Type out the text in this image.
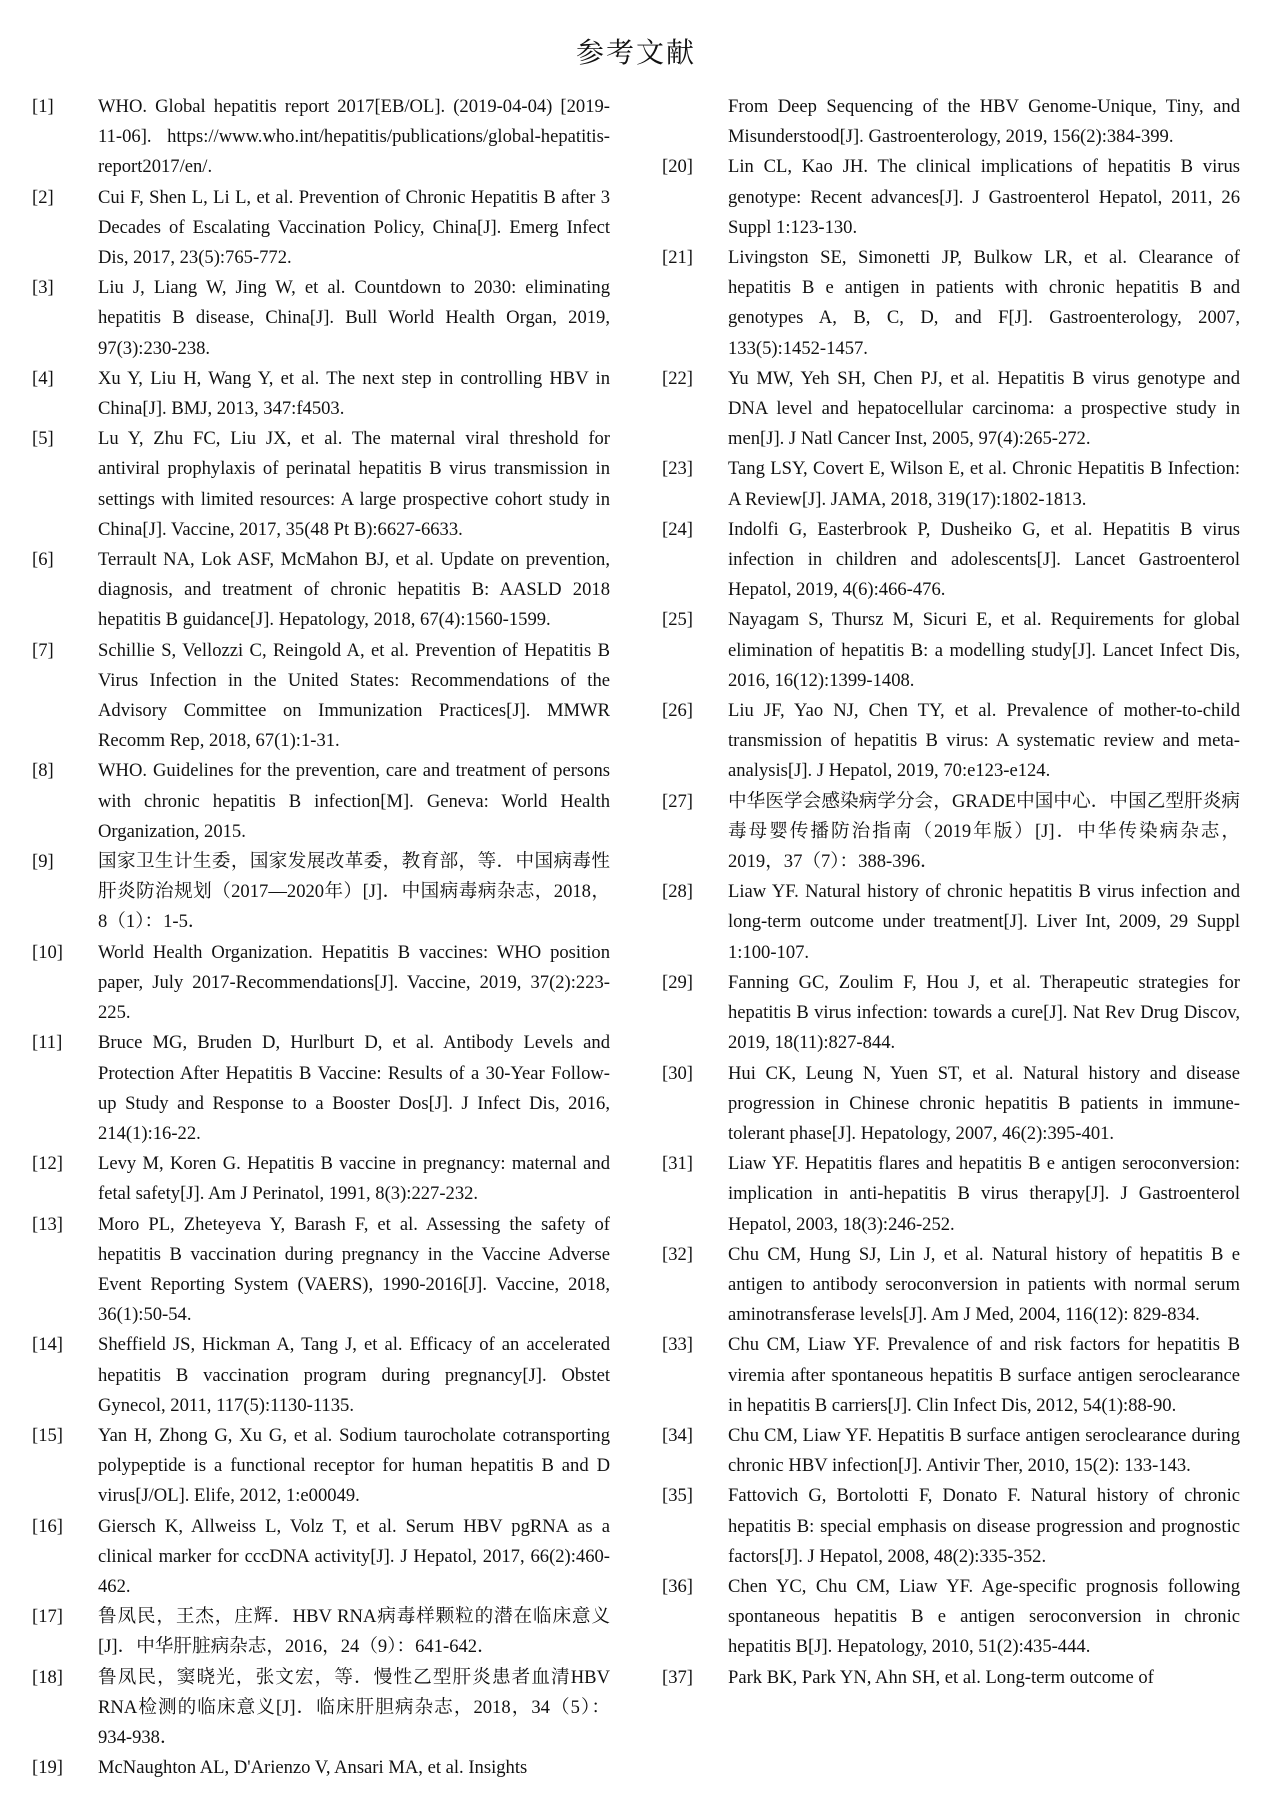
参考文献
[1]	WHO. Global hepatitis report 2017[EB/OL]. (2019-04-04) [2019-11-06]. https://www.who.int/hepatitis/publications/global-hepatitis-report2017/en/.
[2]	Cui F, Shen L, Li L, et al. Prevention of Chronic Hepatitis B after 3 Decades of Escalating Vaccination Policy, China[J]. Emerg Infect Dis, 2017, 23(5):765-772.
[3]	Liu J, Liang W, Jing W, et al. Countdown to 2030: eliminating hepatitis B disease, China[J]. Bull World Health Organ, 2019, 97(3):230-238.
[4]	Xu Y, Liu H, Wang Y, et al. The next step in controlling HBV in China[J]. BMJ, 2013, 347:f4503.
[5]	Lu Y, Zhu FC, Liu JX, et al. The maternal viral threshold for antiviral prophylaxis of perinatal hepatitis B virus transmission in settings with limited resources: A large prospective cohort study in China[J]. Vaccine, 2017, 35(48 Pt B):6627-6633.
[6]	Terrault NA, Lok ASF, McMahon BJ, et al. Update on prevention, diagnosis, and treatment of chronic hepatitis B: AASLD 2018 hepatitis B guidance[J]. Hepatology, 2018, 67(4):1560-1599.
[7]	Schillie S, Vellozzi C, Reingold A, et al. Prevention of Hepatitis B Virus Infection in the United States: Recommendations of the Advisory Committee on Immunization Practices[J]. MMWR Recomm Rep, 2018, 67(1):1-31.
[8]	WHO. Guidelines for the prevention, care and treatment of persons with chronic hepatitis B infection[M]. Geneva: World Health Organization, 2015.
[9]	国家卫生计生委，国家发展改革委，教育部，等．中国病毒性肝炎防治规划（2017—2020年）[J]．中国病毒病杂志，2018，8（1）：1-5．
[10]	World Health Organization. Hepatitis B vaccines: WHO position paper, July 2017-Recommendations[J]. Vaccine, 2019, 37(2):223-225.
[11]	Bruce MG, Bruden D, Hurlburt D, et al. Antibody Levels and Protection After Hepatitis B Vaccine: Results of a 30-Year Follow-up Study and Response to a Booster Dos[J]. J Infect Dis, 2016, 214(1):16-22.
[12]	Levy M, Koren G. Hepatitis B vaccine in pregnancy: maternal and fetal safety[J]. Am J Perinatol, 1991, 8(3):227-232.
[13]	Moro PL, Zheteyeva Y, Barash F, et al. Assessing the safety of hepatitis B vaccination during pregnancy in the Vaccine Adverse Event Reporting System (VAERS), 1990-2016[J]. Vaccine, 2018, 36(1):50-54.
[14]	Sheffield JS, Hickman A, Tang J, et al. Efficacy of an accelerated hepatitis B vaccination program during pregnancy[J]. Obstet Gynecol, 2011, 117(5):1130-1135.
[15]	Yan H, Zhong G, Xu G, et al. Sodium taurocholate cotransporting polypeptide is a functional receptor for human hepatitis B and D virus[J/OL]. Elife, 2012, 1:e00049.
[16]	Giersch K, Allweiss L, Volz T, et al. Serum HBV pgRNA as a clinical marker for cccDNA activity[J]. J Hepatol, 2017, 66(2):460-462.
[17]	鲁凤民，王杰，庄辉．HBV RNA病毒样颗粒的潜在临床意义[J]．中华肝脏病杂志，2016，24（9）：641-642．
[18]	鲁凤民，窦晓光，张文宏，等．慢性乙型肝炎患者血清HBV RNA检测的临床意义[J]．临床肝胆病杂志，2018，34（5）：934-938．
[19]	McNaughton AL, D'Arienzo V, Ansari MA, et al. Insights
From Deep Sequencing of the HBV Genome-Unique, Tiny, and Misunderstood[J]. Gastroenterology, 2019, 156(2):384-399.
[20]	Lin CL, Kao JH. The clinical implications of hepatitis B virus genotype: Recent advances[J]. J Gastroenterol Hepatol, 2011, 26 Suppl 1:123-130.
[21]	Livingston SE, Simonetti JP, Bulkow LR, et al. Clearance of hepatitis B e antigen in patients with chronic hepatitis B and genotypes A, B, C, D, and F[J]. Gastroenterology, 2007, 133(5):1452-1457.
[22]	Yu MW, Yeh SH, Chen PJ, et al. Hepatitis B virus genotype and DNA level and hepatocellular carcinoma: a prospective study in men[J]. J Natl Cancer Inst, 2005, 97(4):265-272.
[23]	Tang LSY, Covert E, Wilson E, et al. Chronic Hepatitis B Infection: A Review[J]. JAMA, 2018, 319(17):1802-1813.
[24]	Indolfi G, Easterbrook P, Dusheiko G, et al. Hepatitis B virus infection in children and adolescents[J]. Lancet Gastroenterol Hepatol, 2019, 4(6):466-476.
[25]	Nayagam S, Thursz M, Sicuri E, et al. Requirements for global elimination of hepatitis B: a modelling study[J]. Lancet Infect Dis, 2016, 16(12):1399-1408.
[26]	Liu JF, Yao NJ, Chen TY, et al. Prevalence of mother-to-child transmission of hepatitis B virus: A systematic review and meta-analysis[J]. J Hepatol, 2019, 70:e123-e124.
[27]	中华医学会感染病学分会，GRADE中国中心．中国乙型肝炎病毒母婴传播防治指南（2019年版）[J]．中华传染病杂志，2019，37（7）：388-396．
[28]	Liaw YF. Natural history of chronic hepatitis B virus infection and long-term outcome under treatment[J]. Liver Int, 2009, 29 Suppl 1:100-107.
[29]	Fanning GC, Zoulim F, Hou J, et al. Therapeutic strategies for hepatitis B virus infection: towards a cure[J]. Nat Rev Drug Discov, 2019, 18(11):827-844.
[30]	Hui CK, Leung N, Yuen ST, et al. Natural history and disease progression in Chinese chronic hepatitis B patients in immune-tolerant phase[J]. Hepatology, 2007, 46(2):395-401.
[31]	Liaw YF. Hepatitis flares and hepatitis B e antigen seroconversion: implication in anti-hepatitis B virus therapy[J]. J Gastroenterol Hepatol, 2003, 18(3):246-252.
[32]	Chu CM, Hung SJ, Lin J, et al. Natural history of hepatitis B e antigen to antibody seroconversion in patients with normal serum aminotransferase levels[J]. Am J Med, 2004, 116(12): 829-834.
[33]	Chu CM, Liaw YF. Prevalence of and risk factors for hepatitis B viremia after spontaneous hepatitis B surface antigen seroclearance in hepatitis B carriers[J]. Clin Infect Dis, 2012, 54(1):88-90.
[34]	Chu CM, Liaw YF. Hepatitis B surface antigen seroclearance during chronic HBV infection[J]. Antivir Ther, 2010, 15(2): 133-143.
[35]	Fattovich G, Bortolotti F, Donato F. Natural history of chronic hepatitis B: special emphasis on disease progression and prognostic factors[J]. J Hepatol, 2008, 48(2):335-352.
[36]	Chen YC, Chu CM, Liaw YF. Age-specific prognosis following spontaneous hepatitis B e antigen seroconversion in chronic hepatitis B[J]. Hepatology, 2010, 51(2):435-444.
[37]	Park BK, Park YN, Ahn SH, et al. Long-term outcome of
